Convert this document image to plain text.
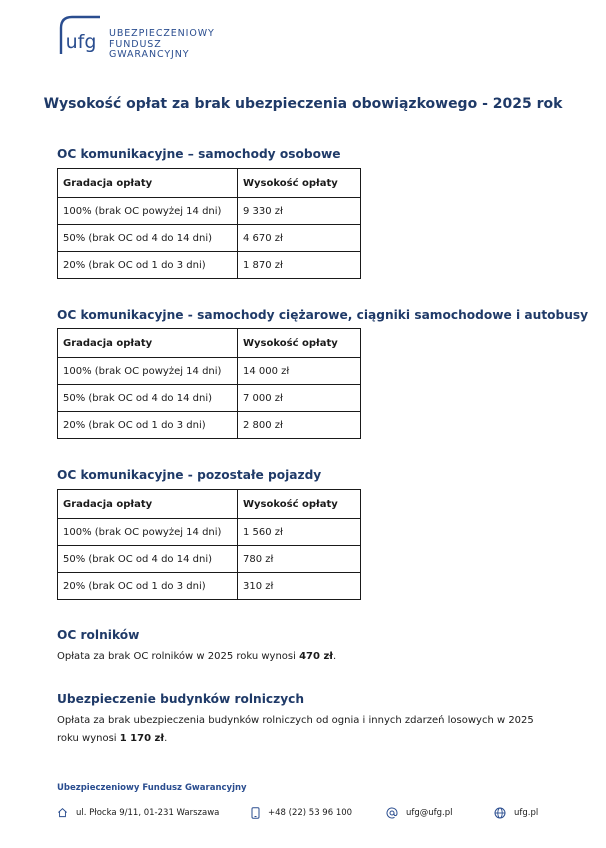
ufg UBEZPIECZENIOWY
FUNDUSZ
GWARANCYJNY
Wysokość opłat za brak ubezpieczenia obowiązkowego - 2025 rok
OC komunikacyjne – samochody osobowe
Gradacja opłaty	Wysokość opłaty
100% (brak OC powyżej 14 dni)	9 330 zł
50% (brak OC od 4 do 14 dni)	4 670 zł
20% (brak OC od 1 do 3 dni)	1 870 zł
OC komunikacyjne - samochody ciężarowe, ciągniki samochodowe i autobusy
Gradacja opłaty	Wysokość opłaty
100% (brak OC powyżej 14 dni)	14 000 zł
50% (brak OC od 4 do 14 dni)	7 000 zł
20% (brak OC od 1 do 3 dni)	2 800 zł
OC komunikacyjne - pozostałe pojazdy
Gradacja opłaty	Wysokość opłaty
100% (brak OC powyżej 14 dni)	1 560 zł
50% (brak OC od 4 do 14 dni)	780 zł
20% (brak OC od 1 do 3 dni)	310 zł
OC rolników

Opłata za brak OC rolników w 2025 roku wynosi 470 zł.

Ubezpieczenie budynków rolniczych

Opłata za brak ubezpieczenia budynków rolniczych od ognia i innych zdarzeń losowych w 2025 roku wynosi 1 170 zł.

Ubezpieczeniowy Fundusz Gwarancyjny
ul. Płocka 9/11, 01-231 Warszawa	+48 (22) 53 96 100	ufg@ufg.pl	ufg.pl
